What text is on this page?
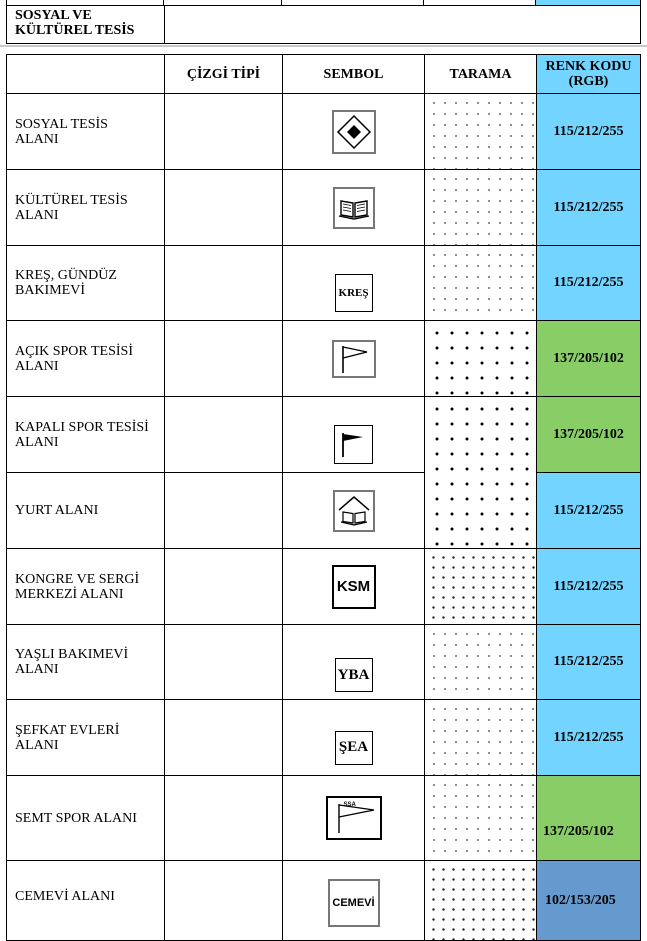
SOSYAL VE
KÜLTÜREL TESİS
	ÇİZGİ TİPİ	SEMBOL	TARAMA	RENK KODU
(RGB)

SOSYAL TESİS
ALANI				115/212/255

KÜLTÜREL TESİS
ALANI				115/212/255

KREŞ, GÜNDÜZ
BAKIMEVİ		KREŞ		115/212/255

AÇIK SPOR TESİSİ
ALANI				137/205/102

KAPALI SPOR TESİSİ
ALANI				137/205/102

YURT ALANI				115/212/255

KONGRE VE SERGİ
MERKEZİ ALANI		KSM		115/212/255

YAŞLI BAKIMEVİ
ALANI		YBA		115/212/255

ŞEFKAT EVLERİ
ALANI		ŞEA		115/212/255

SEMT SPOR ALANI		SSA		137/205/102

CEMEVİ ALANI		CEMEVİ		102/153/205
